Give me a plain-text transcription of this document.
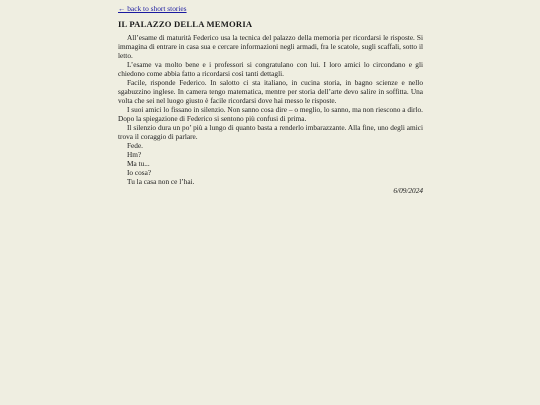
← back to short stories
IL PALAZZO DELLA MEMORIA

All’esame di maturità Federico usa la tecnica del palazzo della memoria per ricordarsi le risposte. Si immagina di entrare in casa sua e cercare informazioni negli armadi, fra le scatole, sugli scaffali, sotto il letto.

L’esame va molto bene e i professori si congratulano con lui. I loro amici lo circondano e gli chiedono come abbia fatto a ricordarsi così tanti dettagli.

Facile, risponde Federico. In salotto ci sta italiano, in cucina storia, in bagno scienze e nello sgabuzzino inglese. In camera tengo matematica, mentre per storia dell’arte devo salire in soffitta. Una volta che sei nel luogo giusto è facile ricordarsi dove hai messo le risposte.

I suoi amici lo fissano in silenzio. Non sanno cosa dire – o meglio, lo sanno, ma non riescono a dirlo. Dopo la spiegazione di Federico si sentono più confusi di prima.

Il silenzio dura un po’ più a lungo di quanto basta a renderlo imbarazzante. Alla fine, uno degli amici trova il coraggio di parlare.

Fede.

Hm?

Ma tu...

Io cosa?

Tu la casa non ce l’hai.

6/09/2024
